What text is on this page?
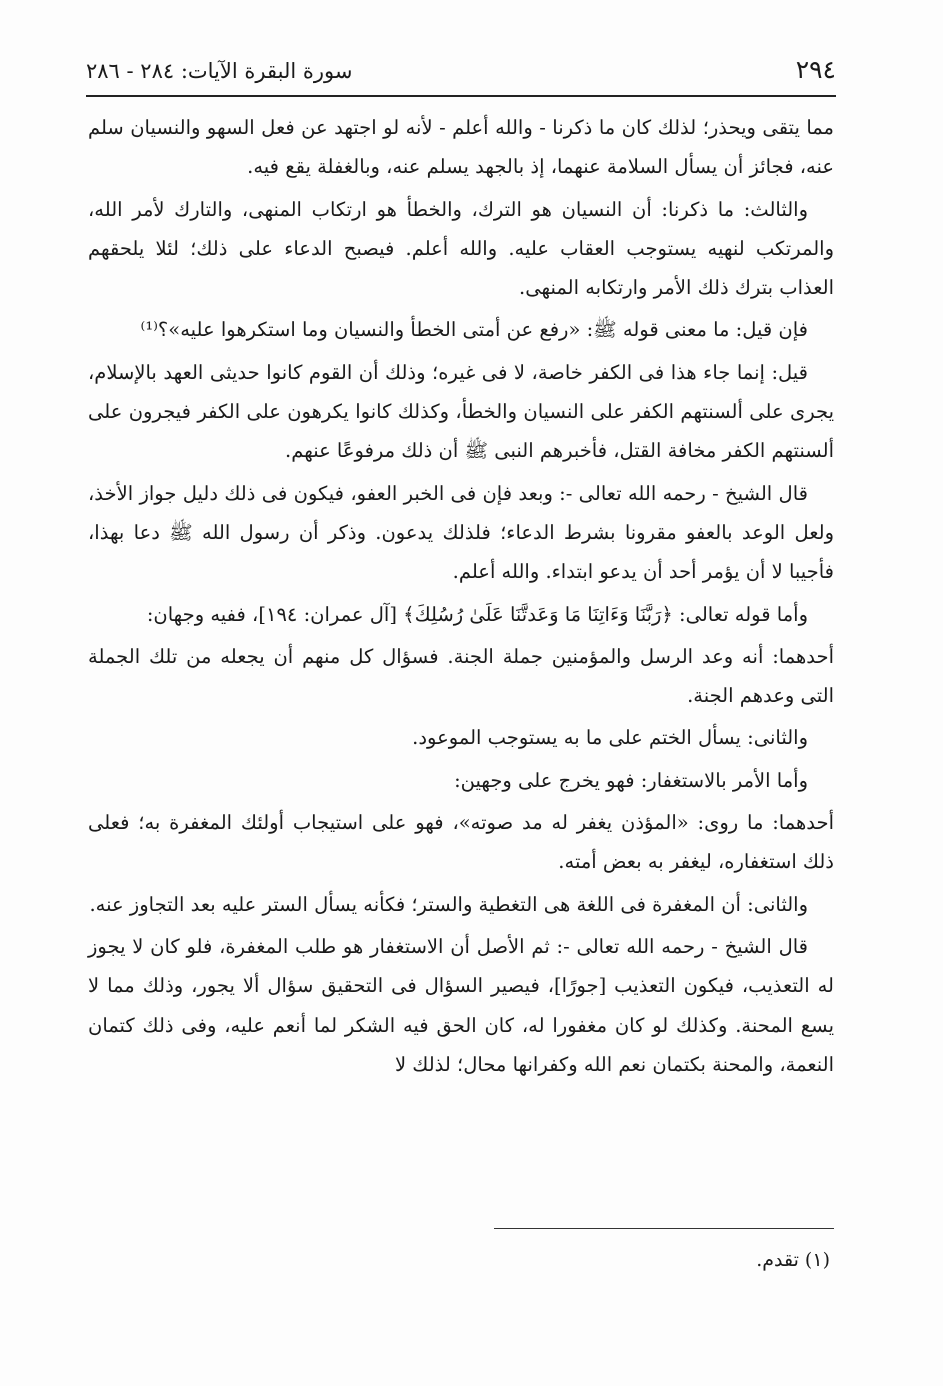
٢٩٤
سورة البقرة الآيات: ٢٨٤ - ٢٨٦

مما يتقى ويحذر؛ لذلك كان ما ذكرنا - والله أعلم - لأنه لو اجتهد عن فعل السهو والنسيان سلم عنه، فجائز أن يسأل السلامة عنهما، إذ بالجهد يسلم عنه، وبالغفلة يقع فيه.

والثالث: ما ذكرنا: أن النسيان هو الترك، والخطأ هو ارتكاب المنهى، والتارك لأمر الله، والمرتكب لنهيه يستوجب العقاب عليه. والله أعلم. فيصبح الدعاء على ذلك؛ لئلا يلحقهم العذاب بترك ذلك الأمر وارتكابه المنهى.

فإن قيل: ما معنى قوله ﷺ: «رفع عن أمتى الخطأ والنسيان وما استكرهوا عليه»؟⁽¹⁾

قيل: إنما جاء هذا فى الكفر خاصة، لا فى غيره؛ وذلك أن القوم كانوا حديثى العهد بالإسلام، يجرى على ألسنتهم الكفر على النسيان والخطأ، وكذلك كانوا يكرهون على الكفر فيجرون على ألسنتهم الكفر مخافة القتل، فأخبرهم النبى ﷺ أن ذلك مرفوعًا عنهم.

قال الشيخ - رحمه الله تعالى -: وبعد فإن فى الخبر العفو، فيكون فى ذلك دليل جواز الأخذ، ولعل الوعد بالعفو مقرونا بشرط الدعاء؛ فلذلك يدعون. وذكر أن رسول الله ﷺ دعا بهذا، فأجيبا لا أن يؤمر أحد أن يدعو ابتداء. والله أعلم.

وأما قوله تعالى: ﴿رَبَّنَا وَءَاتِنَا مَا وَعَدتَّنَا عَلَىٰ رُسُلِكَ﴾ [آل عمران: ١٩٤]، ففيه وجهان:

أحدهما: أنه وعد الرسل والمؤمنين جملة الجنة. فسؤال كل منهم أن يجعله من تلك الجملة التى وعدهم الجنة.

والثانى: يسأل الختم على ما به يستوجب الموعود.

وأما الأمر بالاستغفار: فهو يخرج على وجهين:

أحدهما: ما روى: «المؤذن يغفر له مد صوته»، فهو على استيجاب أولئك المغفرة به؛ فعلى ذلك استغفاره، ليغفر به بعض أمته.

والثانى: أن المغفرة فى اللغة هى التغطية والستر؛ فكأنه يسأل الستر عليه بعد التجاوز عنه.

قال الشيخ - رحمه الله تعالى -: ثم الأصل أن الاستغفار هو طلب المغفرة، فلو كان لا يجوز له التعذيب، فيكون التعذيب [جورًا]، فيصير السؤال فى التحقيق سؤال ألا يجور، وذلك مما لا يسع المحنة. وكذلك لو كان مغفورا له، كان الحق فيه الشكر لما أنعم عليه، وفى ذلك كتمان النعمة، والمحنة بكتمان نعم الله وكفرانها محال؛ لذلك لا

(١) تقدم.
